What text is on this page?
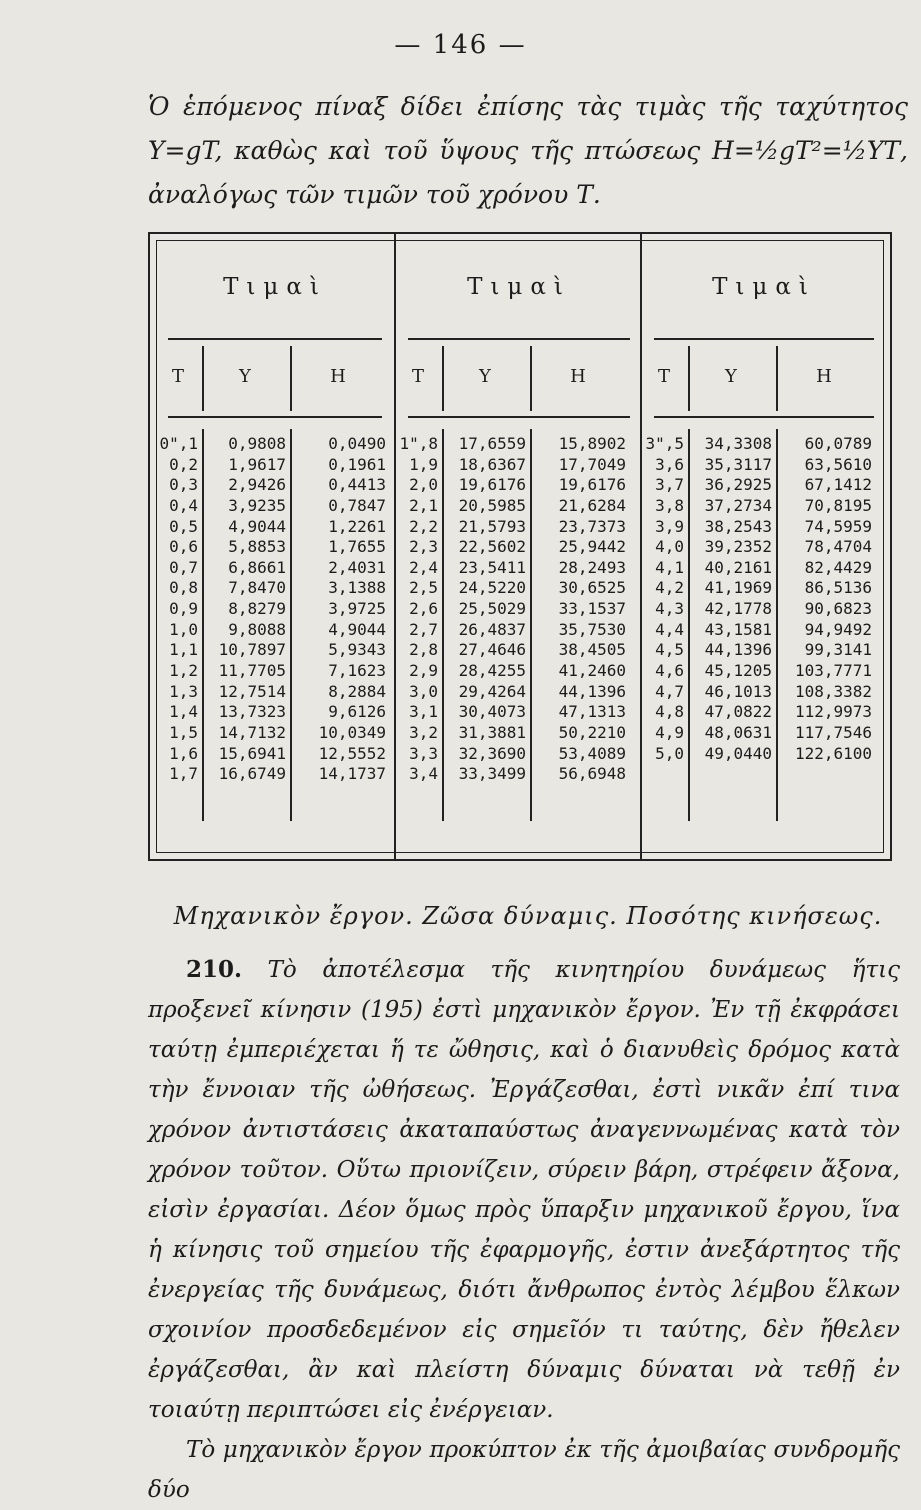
— 146 —

Ὁ ἑπόμενος πίναξ δίδει ἐπίσης τὰς τιμὰς τῆς ταχύτητος Υ=gT, καθὼς καὶ τοῦ ὕψους τῆς πτώσεως Η=½gT²=½ΥΤ, ἀναλόγως τῶν τιμῶν τοῦ χρόνου Τ.

Τιμαὶ
Τ	Υ	Η
0",1	0,9808	0,0490
0,2	1,9617	0,1961
0,3	2,9426	0,4413
0,4	3,9235	0,7847
0,5	4,9044	1,2261
0,6	5,8853	1,7655
0,7	6,8661	2,4031
0,8	7,8470	3,1388
0,9	8,8279	3,9725
1,0	9,8088	4,9044
1,1	10,7897	5,9343
1,2	11,7705	7,1623
1,3	12,7514	8,2884
1,4	13,7323	9,6126
1,5	14,7132	10,0349
1,6	15,6941	12,5552
1,7	16,6749	14,1737
Τιμαὶ
Τ	Υ	Η
1",8	17,6559	15,8902
1,9	18,6367	17,7049
2,0	19,6176	19,6176
2,1	20,5985	21,6284
2,2	21,5793	23,7373
2,3	22,5602	25,9442
2,4	23,5411	28,2493
2,5	24,5220	30,6525
2,6	25,5029	33,1537
2,7	26,4837	35,7530
2,8	27,4646	38,4505
2,9	28,4255	41,2460
3,0	29,4264	44,1396
3,1	30,4073	47,1313
3,2	31,3881	50,2210
3,3	32,3690	53,4089
3,4	33,3499	56,6948
Τιμαὶ
Τ	Υ	Η
3",5	34,3308	60,0789
3,6	35,3117	63,5610
3,7	36,2925	67,1412
3,8	37,2734	70,8195
3,9	38,2543	74,5959
4,0	39,2352	78,4704
4,1	40,2161	82,4429
4,2	41,1969	86,5136
4,3	42,1778	90,6823
4,4	43,1581	94,9492
4,5	44,1396	99,3141
4,6	45,1205	103,7771
4,7	46,1013	108,3382
4,8	47,0822	112,9973
4,9	48,0631	117,7546
5,0	49,0440	122,6100
Μηχανικὸν ἔργον. Ζῶσα δύναμις. Ποσότης κινήσεως.

210. Τὸ ἀποτέλεσμα τῆς κινητηρίου δυνάμεως ἥτις προξενεῖ κίνησιν (195) ἐστὶ μηχανικὸν ἔργον. Ἐν τῇ ἐκφράσει ταύτῃ ἐμπεριέχεται ἥ τε ὤθησις, καὶ ὁ διανυθεὶς δρόμος κατὰ τὴν ἔννοιαν τῆς ὠθήσεως. Ἐργάζεσθαι, ἐστὶ νικᾶν ἐπί τινα χρόνον ἀντιστάσεις ἀκαταπαύστως ἀναγεννωμένας κατὰ τὸν χρόνον τοῦτον. Οὕτω πριονίζειν, σύρειν βάρη, στρέφειν ἄξονα, εἰσὶν ἐργασίαι. Δέον ὅμως πρὸς ὕπαρξιν μηχανικοῦ ἔργου, ἵνα ἡ κίνησις τοῦ σημείου τῆς ἐφαρμογῆς, ἐστιν ἀνεξάρτητος τῆς ἐνεργείας τῆς δυνάμεως, διότι ἄνθρωπος ἐντὸς λέμβου ἕλκων σχοινίον προσδεδεμένον εἰς σημεῖόν τι ταύτης, δὲν ἤθελεν ἐργάζεσθαι, ἂν καὶ πλείστη δύναμις δύναται νὰ τεθῇ ἐν τοιαύτῃ περιπτώσει εἰς ἐνέργειαν.

Τὸ μηχανικὸν ἔργον προκύπτον ἐκ τῆς ἀμοιβαίας συνδρομῆς δύο
